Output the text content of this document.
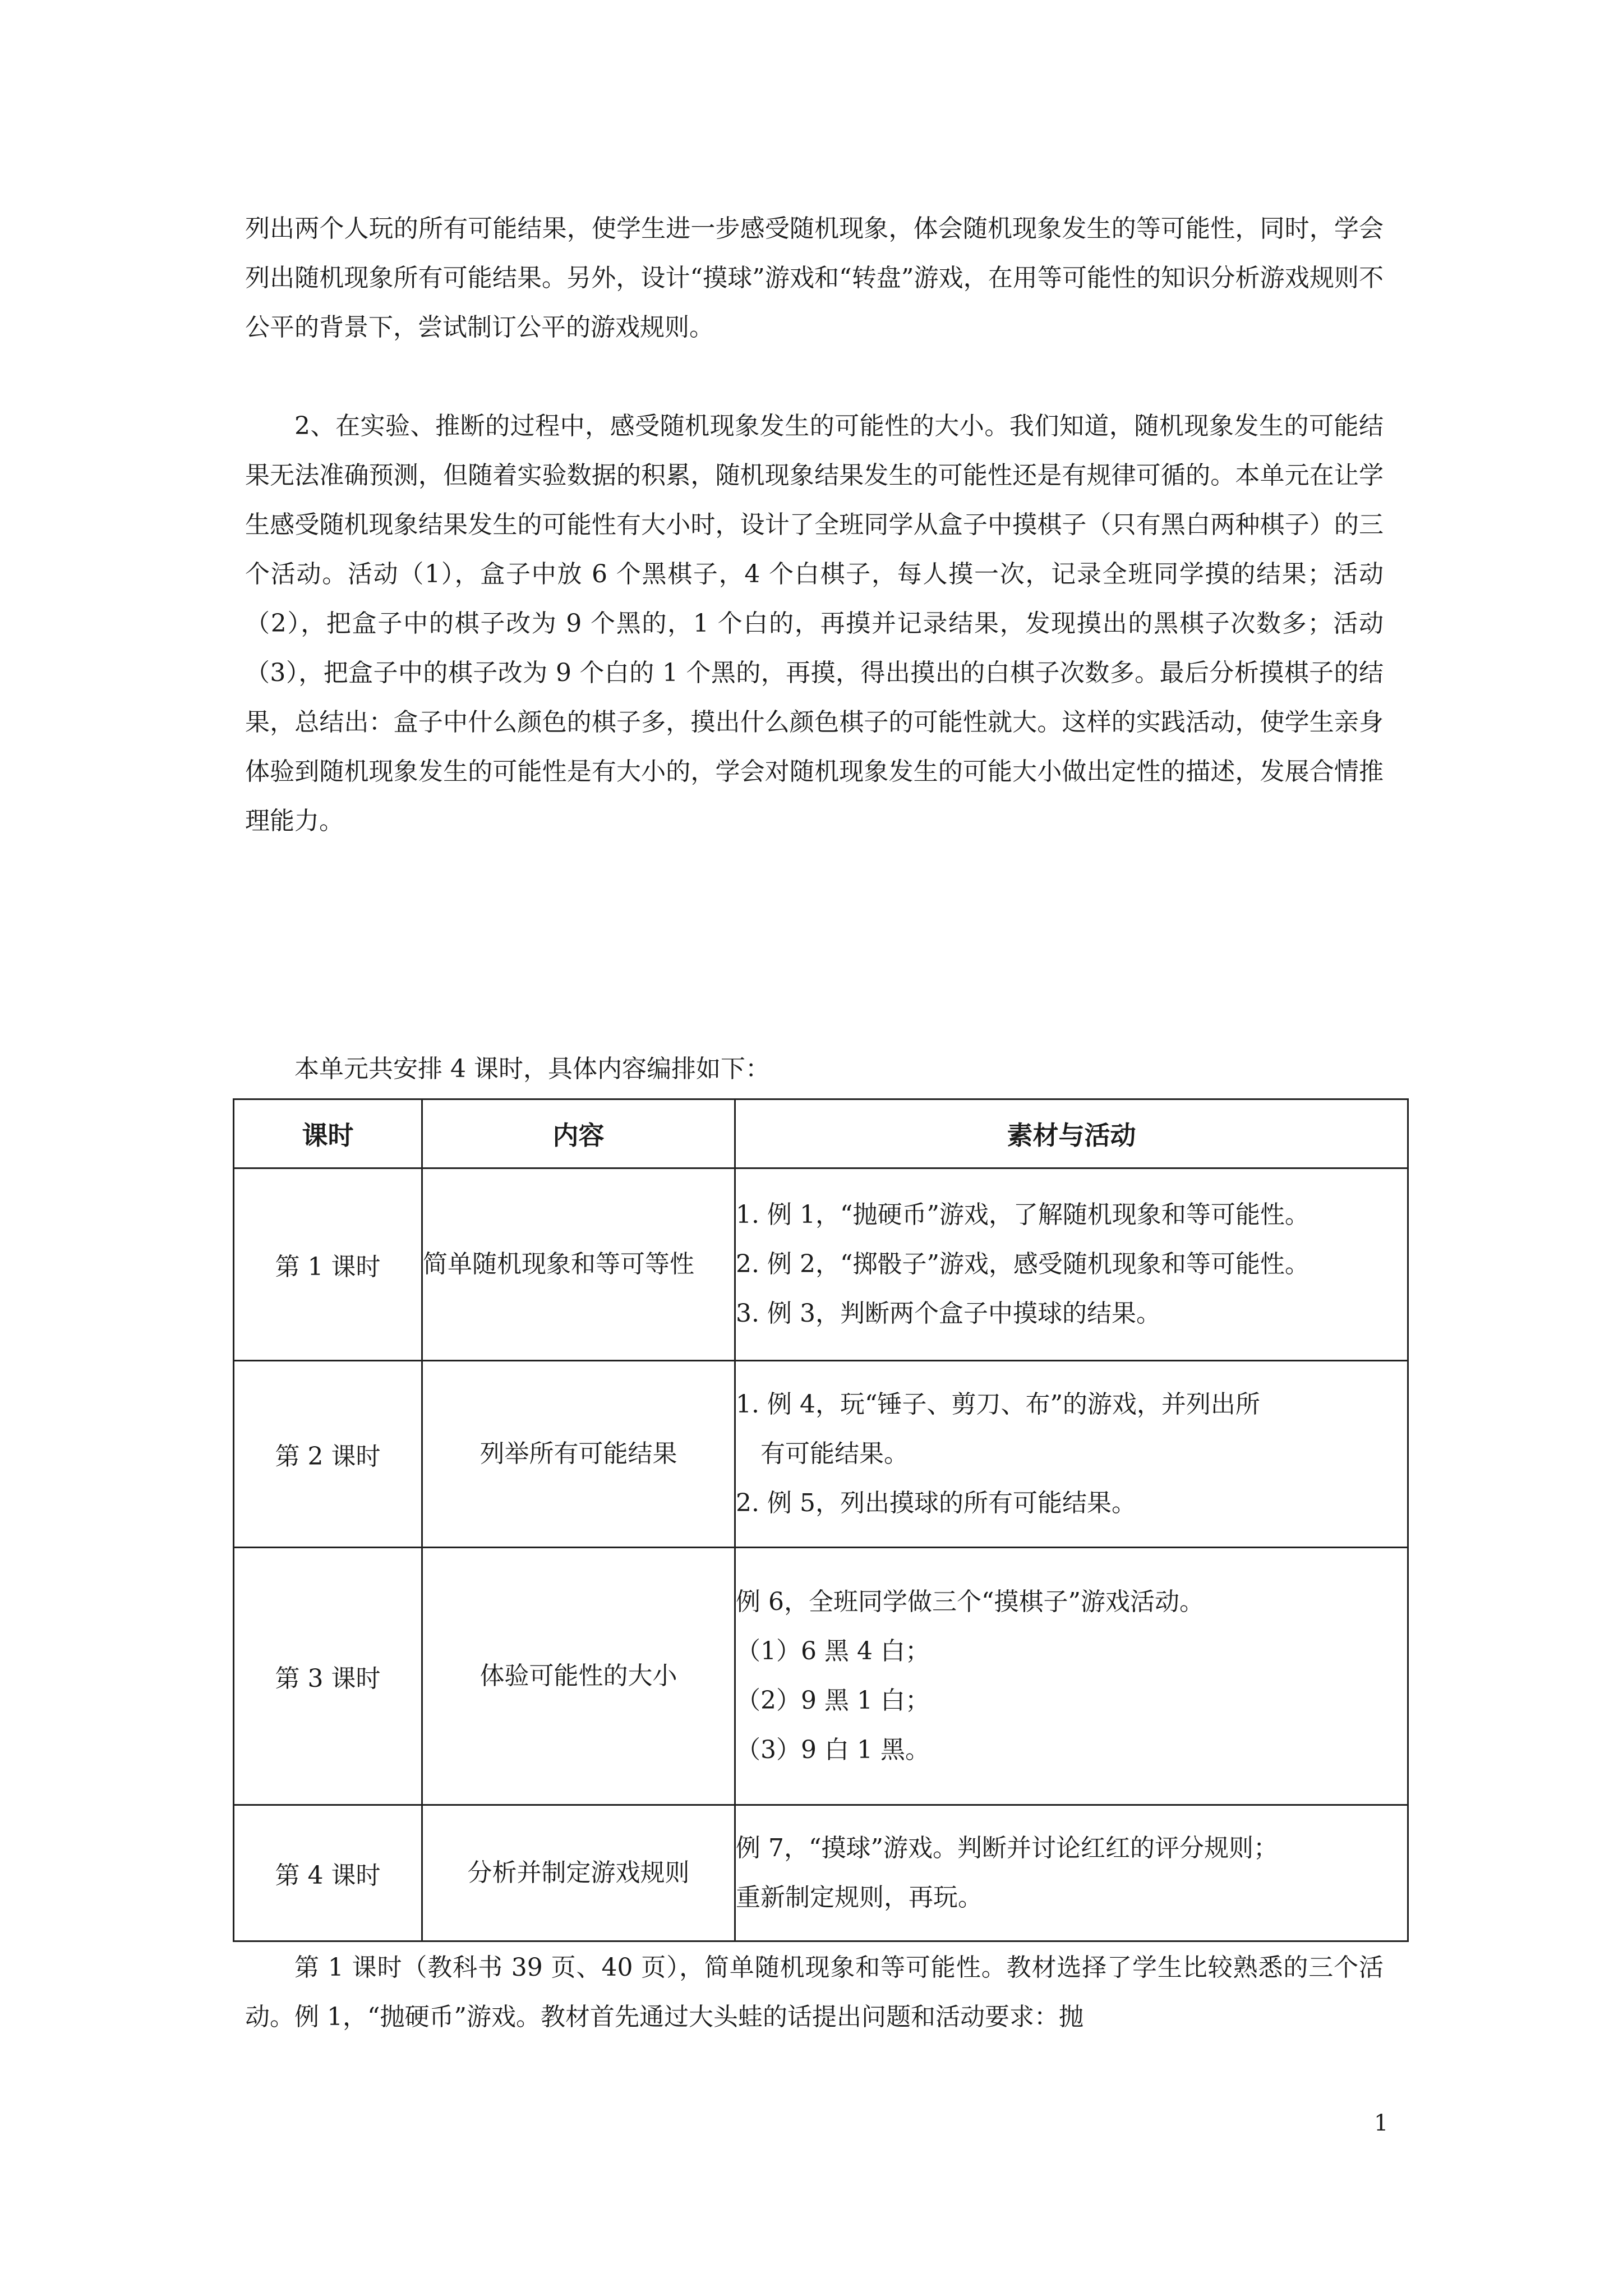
列出两个人玩的所有可能结果，使学生进一步感受随机现象，体会随机现象发生的等可能性，同时，学会列出随机现象所有可能结果。另外，设计“摸球”游戏和“转盘”游戏，在用等可能性的知识分析游戏规则不公平的背景下，尝试制订公平的游戏规则。

2、在实验、推断的过程中，感受随机现象发生的可能性的大小。我们知道，随机现象发生的可能结果无法准确预测，但随着实验数据的积累，随机现象结果发生的可能性还是有规律可循的。本单元在让学生感受随机现象结果发生的可能性有大小时，设计了全班同学从盒子中摸棋子（只有黑白两种棋子）的三个活动。活动（1），盒子中放 6 个黑棋子，4 个白棋子，每人摸一次，记录全班同学摸的结果；活动（2），把盒子中的棋子改为 9 个黑的，1 个白的，再摸并记录结果，发现摸出的黑棋子次数多；活动（3），把盒子中的棋子改为 9 个白的 1 个黑的，再摸，得出摸出的白棋子次数多。最后分析摸棋子的结果，总结出：盒子中什么颜色的棋子多，摸出什么颜色棋子的可能性就大。这样的实践活动，使学生亲身体验到随机现象发生的可能性是有大小的，学会对随机现象发生的可能大小做出定性的描述，发展合情推理能力。

本单元共安排 4 课时，具体内容编排如下：

课时	内容	素材与活动
第 1 课时	简单随机现象和等可等性	1. 例 1，“抛硬币”游戏，了解随机现象和等可能性。
2. 例 2，“掷骰子”游戏，感受随机现象和等可能性。
3. 例 3，判断两个盒子中摸球的结果。

第 2 课时	列举所有可能结果	1. 例 4，玩“锤子、剪刀、布”的游戏，并列出所
有可能结果。
2. 例 5，列出摸球的所有可能结果。

第 3 课时	体验可能性的大小	例 6，全班同学做三个“摸棋子”游戏活动。
（1）6 黑 4 白；
（2）9 黑 1 白；
（3）9 白 1 黑。

第 4 课时	分析并制定游戏规则	例 7，“摸球”游戏。判断并讨论红红的评分规则；
重新制定规则，再玩。

第 1 课时（教科书 39 页、40 页），简单随机现象和等可能性。教材选择了学生比较熟悉的三个活动。例 1，“抛硬币”游戏。教材首先通过大头蛙的话提出问题和活动要求：抛

1
